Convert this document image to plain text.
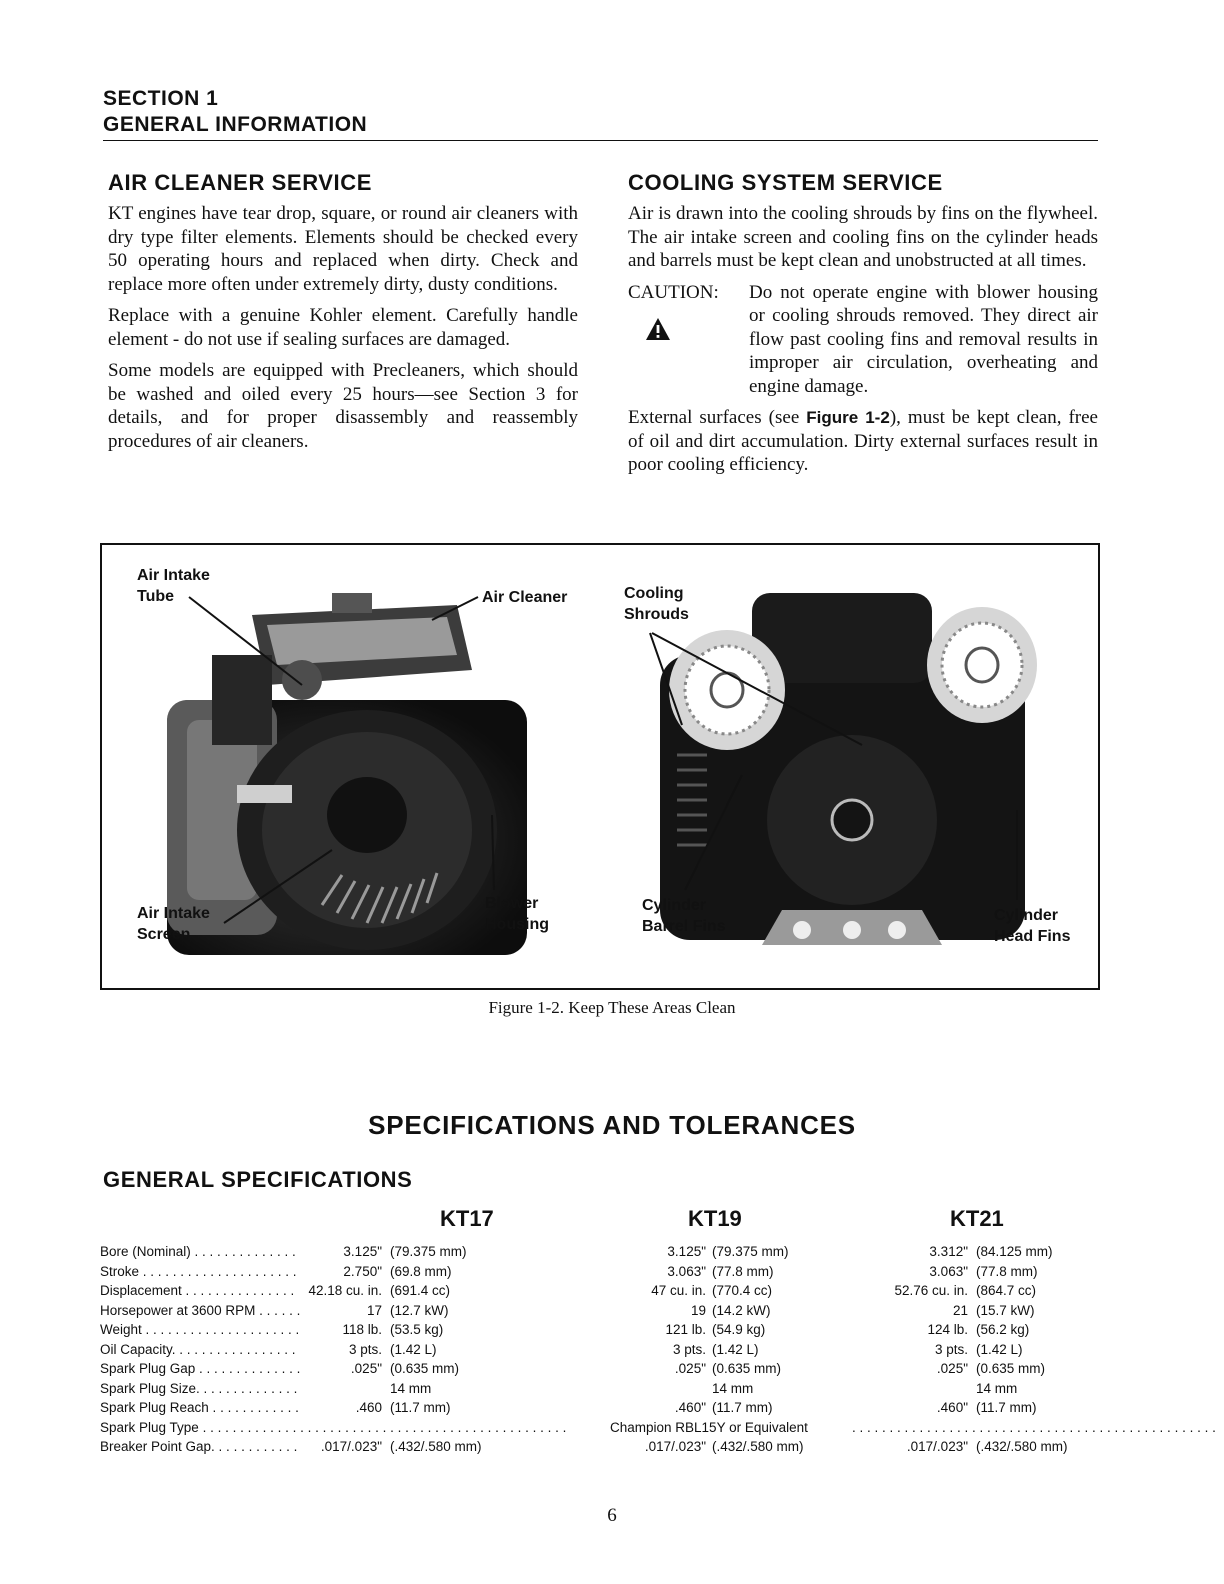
SECTION 1
GENERAL INFORMATION
AIR CLEANER SERVICE

KT engines have tear drop, square, or round air cleaners with dry type filter elements. Elements should be checked every 50 operating hours and replaced when dirty. Check and replace more often under extremely dirty, dusty conditions.

Replace with a genuine Kohler element. Carefully handle element - do not use if sealing surfaces are damaged.

Some models are equipped with Precleaners, which should be washed and oiled every 25 hours—see Section 3 for details, and for proper disassembly and reassembly procedures of air cleaners.

COOLING SYSTEM SERVICE

Air is drawn into the cooling shrouds by fins on the flywheel. The air intake screen and cooling fins on the cylinder heads and barrels must be kept clean and unobstructed at all times.

CAUTION: Do not operate engine with blower housing or cooling shrouds removed. They direct air flow past cooling fins and removal results in improper air circulation, overheating and engine damage.

External surfaces (see Figure 1-2), must be kept clean, free of oil and dirt accumulation. Dirty external surfaces result in poor cooling efficiency.

Air Intake
Tube	Air Cleaner
Air Intake
Screen
Blower
Housing
Cooling
Shrouds
Cylinder
Barrel Fins
Cylinder
Head Fins
Figure 1-2. Keep These Areas Clean
SPECIFICATIONS AND TOLERANCES
GENERAL SPECIFICATIONS
KT17	KT19	KT21
Bore (Nominal) . . . . . . . . . . . . . .	3.125" (79.375 mm)	3.125" (79.375 mm)	3.312" (84.125 mm)
Stroke . . . . . . . . . . . . . . . . . . . . .	2.750" (69.8 mm)	3.063" (77.8 mm)	3.063" (77.8 mm)
Displacement . . . . . . . . . . . . . . . 42.18 cu. in. (691.4 cc)	47 cu. in. (770.4 cc)	52.76 cu. in. (864.7 cc)
Horsepower at 3600 RPM . . . . . .	17 (12.7 kW)	19 (14.2 kW)	21 (15.7 kW)
Weight . . . . . . . . . . . . . . . . . . . . .	118 lb. (53.5 kg)	121 lb. (54.9 kg)	124 lb. (56.2 kg)
Oil Capacity. . . . . . . . . . . . . . . . .	3 pts. (1.42 L)	3 pts. (1.42 L)	3 pts. (1.42 L)
Spark Plug Gap . . . . . . . . . . . . . .	.025" (0.635 mm)	.025" (0.635 mm)	.025" (0.635 mm)
Spark Plug Size. . . . . . . . . . . . . .	14 mm	14 mm	14 mm
Spark Plug Reach . . . . . . . . . . . .	.460 (11.7 mm)	.460" (11.7 mm)	.460" (11.7 mm)
Spark Plug Type . . . . . . . . . . . . . . . . . . . . . . . . . . . . . . . . . . . . . . . . . . . . . . . . .	Champion RBL15Y or Equivalent	. . . . . . . . . . . . . . . . . . . . . . . . . . . . . . . . . . . . . . . . . . . . . . . . .
Breaker Point Gap. . . . . . . . . . . . .017/.023" (.432/.580 mm)	.017/.023" (.432/.580 mm)	.017/.023" (.432/.580 mm)
6
